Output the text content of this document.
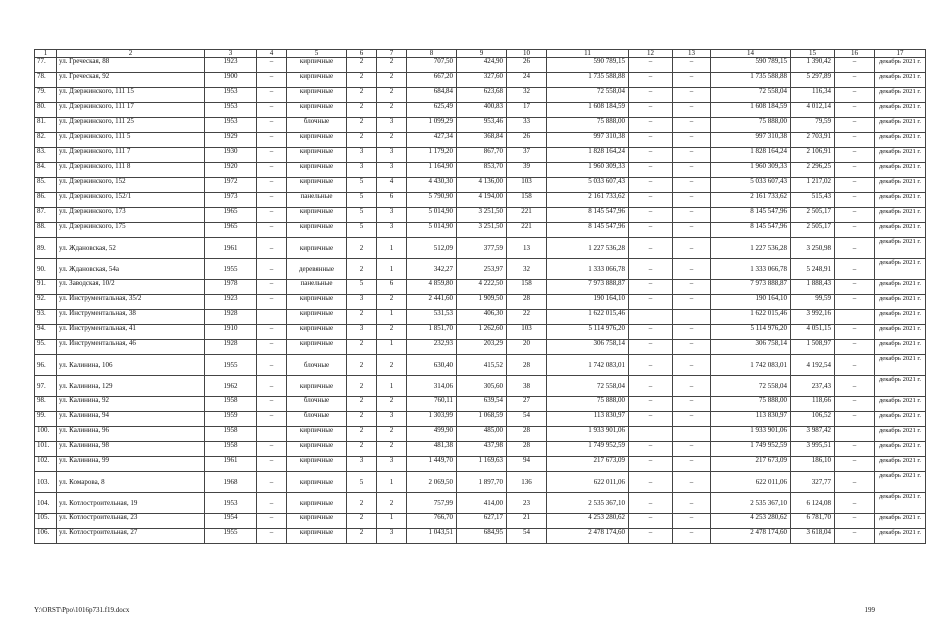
1	2	3	4	5	6	7	8	9	10	11	12	13	14	15	16	17
77.	ул. Греческая, 88	1923	–	кирпичные	2	2	707,50	424,90	26	590 789,15	–	–	590 789,15	1 390,42	–	декабрь 2021 г.
78.	ул. Греческая, 92	1900	–	кирпичные	2	2	667,20	327,60	24	1 735 588,88	–	–	1 735 588,88	5 297,89	–	декабрь 2021 г.
79.	ул. Дзержинского, 111 15	1953	–	кирпичные	2	2	684,84	623,68	32	72 558,04	–	–	72 558,04	116,34	–	декабрь 2021 г.
80.	ул. Дзержинского, 111 17	1953	–	кирпичные	2	2	625,49	400,83	17	1 608 184,59	–	–	1 608 184,59	4 012,14	–	декабрь 2021 г.
81.	ул. Дзержинского, 111 25	1953	–	блочные	2	3	1 099,29	953,46	33	75 888,00	–	–	75 888,00	79,59	–	декабрь 2021 г.
82.	ул. Дзержинского, 111 5	1929	–	кирпичные	2	2	427,34	368,84	26	997 310,38	–	–	997 310,38	2 703,91	–	декабрь 2021 г.
83.	ул. Дзержинского, 111 7	1930	–	кирпичные	3	3	1 179,20	867,70	37	1 828 164,24	–	–	1 828 164,24	2 106,91	–	декабрь 2021 г.
84.	ул. Дзержинского, 111 8	1920	–	кирпичные	3	3	1 164,90	853,70	39	1 960 309,33	–	–	1 960 309,33	2 296,25	–	декабрь 2021 г.
85.	ул. Дзержинского, 152	1972	–	кирпичные	5	4	4 430,30	4 136,00	103	5 033 607,43	–	–	5 033 607,43	1 217,02	–	декабрь 2021 г.
86.	ул. Дзержинского, 152/1	1973	–	панельные	5	6	5 790,90	4 194,00	158	2 161 733,62	–	–	2 161 733,62	515,43	–	декабрь 2021 г.
87.	ул. Дзержинского, 173	1965	–	кирпичные	5	3	5 014,90	3 251,50	221	8 145 547,96	–	–	8 145 547,96	2 505,17	–	декабрь 2021 г.
88.	ул. Дзержинского, 175	1965	–	кирпичные	5	3	5 014,90	3 251,50	221	8 145 547,96	–	–	8 145 547,96	2 505,17	–	декабрь 2021 г.
89.	ул. Ждановская, 52	1961	–	кирпичные	2	1	512,09	377,59	13	1 227 536,28	–	–	1 227 536,28	3 250,98	–	декабрь 2021 г.
90.	ул. Ждановская, 54а	1955	–	деревянные	2	1	342,27	253,97	32	1 333 066,78	–	–	1 333 066,78	5 248,91	–	декабрь 2021 г.
91.	ул. Заводская, 10/2	1978	–	панельные	5	6	4 859,80	4 222,50	158	7 973 888,87	–	–	7 973 888,87	1 888,43	–	декабрь 2021 г.
92.	ул. Инструментальная, 35/2	1923	–	кирпичные	3	2	2 441,60	1 909,50	28	190 164,10	–	–	190 164,10	99,59	–	декабрь 2021 г.
93.	ул. Инструментальная, 38	1928		кирпичные	2	1	531,53	406,30	22	1 622 015,46			1 622 015,46	3 992,16		декабрь 2021 г.
94.	ул. Инструментальная, 41	1910	–	кирпичные	3	2	1 851,70	1 262,60	103	5 114 976,20	–	–	5 114 976,20	4 051,15	–	декабрь 2021 г.
95.	ул. Инструментальная, 46	1928	–	кирпичные	2	1	232,93	203,29	20	306 758,14	–	–	306 758,14	1 508,97	–	декабрь 2021 г.
96.	ул. Калинина, 106	1955	–	блочные	2	2	630,40	415,52	28	1 742 083,01	–	–	1 742 083,01	4 192,54	–	декабрь 2021 г.
97.	ул. Калинина, 129	1962	–	кирпичные	2	1	314,06	305,60	38	72 558,04	–	–	72 558,04	237,43	–	декабрь 2021 г.
98.	ул. Калинина, 92	1958	–	блочные	2	2	760,11	639,54	27	75 888,00	–	–	75 888,00	118,66	–	декабрь 2021 г.
99.	ул. Калинина, 94	1959	–	блочные	2	3	1 303,99	1 068,59	54	113 830,97	–	–	113 830,97	106,52	–	декабрь 2021 г.
100.	ул. Калинина, 96	1958		кирпичные	2	2	499,90	485,00	28	1 933 901,06			1 933 901,06	3 987,42		декабрь 2021 г.
101.	ул. Калинина, 98	1958	–	кирпичные	2	2	481,38	437,98	28	1 749 952,59	–	–	1 749 952,59	3 995,51	–	декабрь 2021 г.
102.	ул. Калинина, 99	1961	–	кирпичные	3	3	1 449,70	1 169,63	94	217 673,09	–	–	217 673,09	186,10	–	декабрь 2021 г.
103.	ул. Комарова, 8	1968	–	кирпичные	5	1	2 069,50	1 897,70	136	622 011,06	–	–	622 011,06	327,77	–	декабрь 2021 г.
104.	ул. Котлостроительная, 19	1953	–	кирпичные	2	2	757,99	414,00	23	2 535 367,10	–	–	2 535 367,10	6 124,08	–	декабрь 2021 г.
105.	ул. Котлостроительная, 23	1954	–	кирпичные	2	1	766,70	627,17	21	4 253 280,62	–	–	4 253 280,62	6 781,70	–	декабрь 2021 г.
106.	ул. Котлостроительная, 27	1955	–	кирпичные	2	3	1 043,51	684,95	54	2 478 174,60	–	–	2 478 174,60	3 618,04	–	декабрь 2021 г.
Y:\ORST\Ppo\1016p731.f19.docx	199
